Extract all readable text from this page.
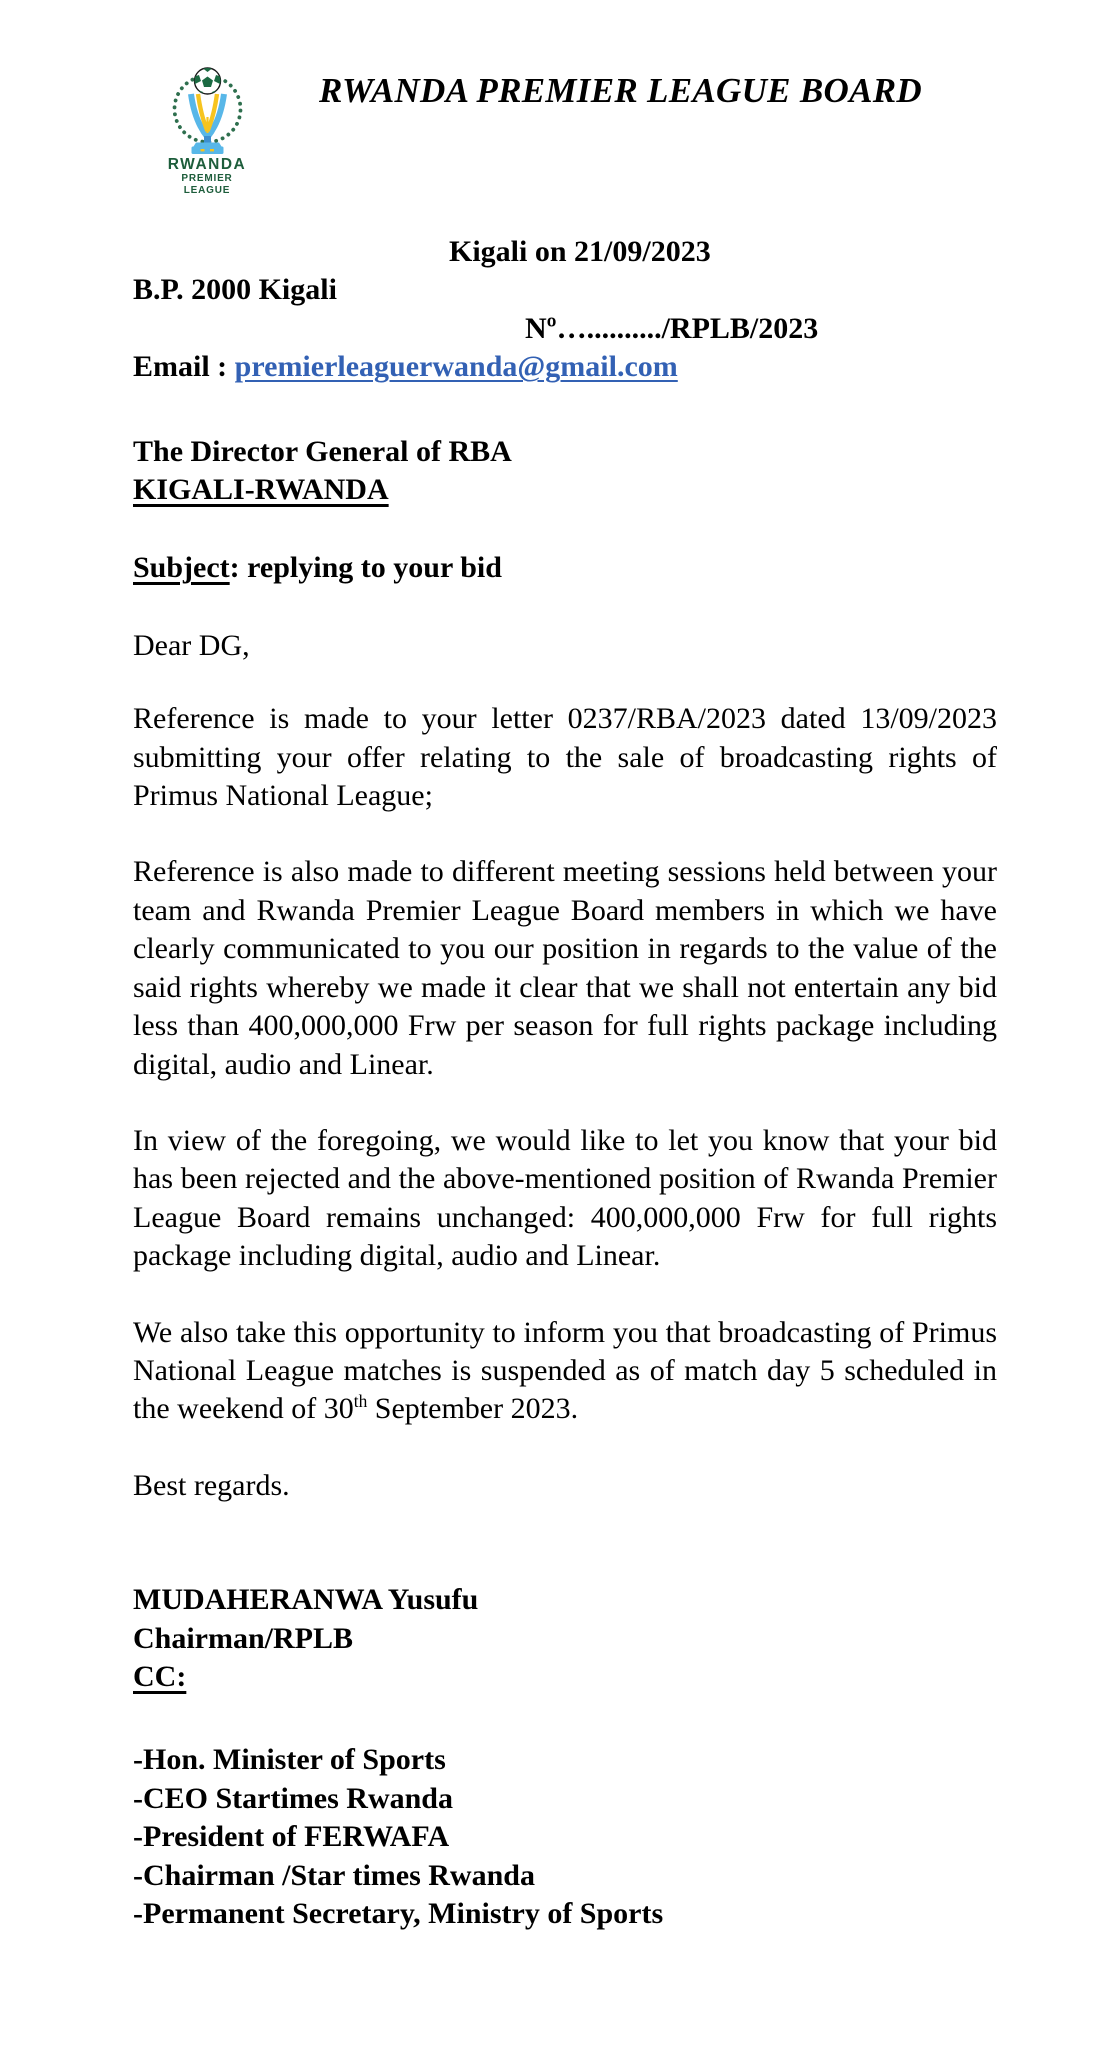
RWANDA
PREMIER LEAGUE
RWANDA PREMIER LEAGUE BOARD
Kigali on 21/09/2023
B.P. 2000 Kigali
Nº…........../RPLB/2023
Email : premierleaguerwanda@gmail.com
The Director General of RBA
KIGALI-RWANDA
Subject: replying to your bid
Dear DG,

Reference is made to your letter 0237/RBA/2023 dated 13/09/2023 submitting your offer relating to the sale of broadcasting rights of Primus National League;

Reference is also made to different meeting sessions held between your team and Rwanda Premier League Board members in which we have clearly communicated to you our position in regards to the value of the said rights whereby we made it clear that we shall not entertain any bid less than 400,000,000 Frw per season for full rights package including digital, audio and Linear.

In view of the foregoing, we would like to let you know that your bid has been rejected and the above-mentioned position of Rwanda Premier League Board remains unchanged: 400,000,000 Frw for full rights package including digital, audio and Linear.

We also take this opportunity to inform you that broadcasting of Primus National League matches is suspended as of match day 5 scheduled in the weekend of 30th September 2023.

Best regards.
MUDAHERANWA Yusufu
Chairman/RPLB
CC:
-Hon. Minister of Sports
-CEO Startimes Rwanda
-President of FERWAFA
-Chairman /Star times Rwanda
-Permanent Secretary, Ministry of Sports
